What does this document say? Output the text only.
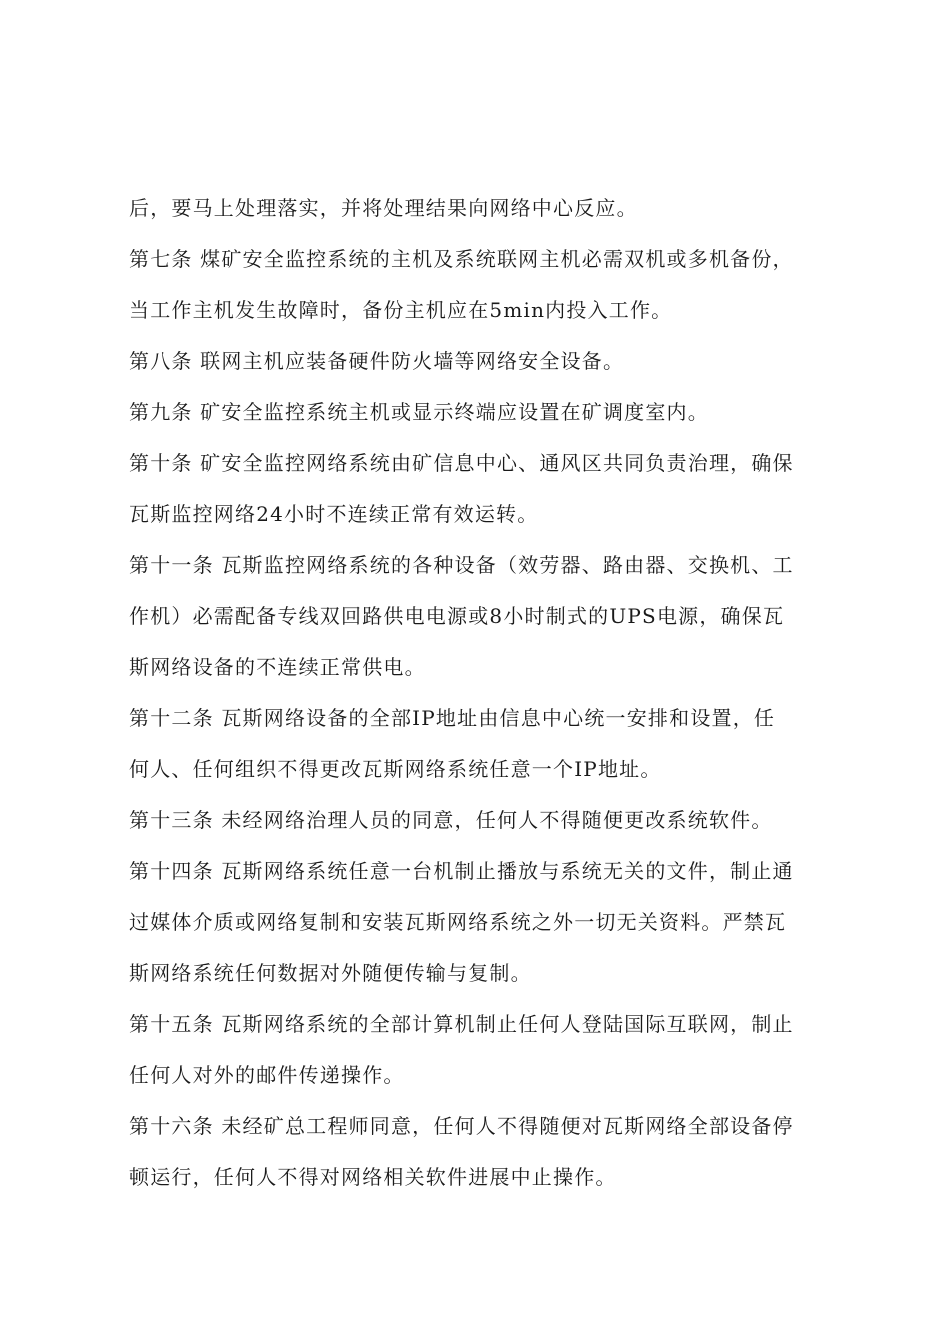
后，要马上处理落实，并将处理结果向网络中心反应。
第七条 煤矿安全监控系统的主机及系统联网主机必需双机或多机备份，
当工作主机发生故障时，备份主机应在5min内投入工作。
第八条 联网主机应装备硬件防火墙等网络安全设备。
第九条 矿安全监控系统主机或显示终端应设置在矿调度室内。
第十条 矿安全监控网络系统由矿信息中心、通风区共同负责治理，确保
瓦斯监控网络24小时不连续正常有效运转。
第十一条 瓦斯监控网络系统的各种设备（效劳器、路由器、交换机、工
作机）必需配备专线双回路供电电源或8小时制式的UPS电源，确保瓦
斯网络设备的不连续正常供电。
第十二条 瓦斯网络设备的全部IP地址由信息中心统一安排和设置，任
何人、任何组织不得更改瓦斯网络系统任意一个IP地址。
第十三条 未经网络治理人员的同意，任何人不得随便更改系统软件。
第十四条 瓦斯网络系统任意一台机制止播放与系统无关的文件，制止通
过媒体介质或网络复制和安装瓦斯网络系统之外一切无关资料。严禁瓦
斯网络系统任何数据对外随便传输与复制。
第十五条 瓦斯网络系统的全部计算机制止任何人登陆国际互联网，制止
任何人对外的邮件传递操作。
第十六条 未经矿总工程师同意，任何人不得随便对瓦斯网络全部设备停
顿运行，任何人不得对网络相关软件进展中止操作。
